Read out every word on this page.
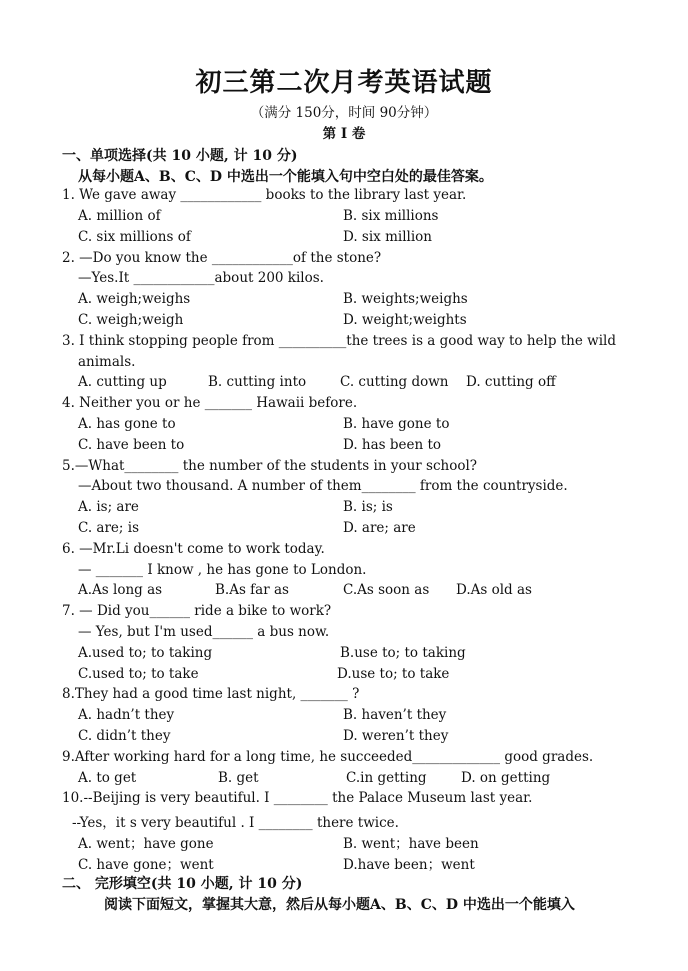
初三第二次月考英语试题
（满分 150分，时间 90分钟）
第 I 卷
一、单项选择(共 10 小题, 计 10 分)
从每小题A、B、C、D 中选出一个能填入句中空白处的最佳答案。
1. We gave away ____________ books to the library last year.
A. million of	B. six millions
C. six millions of	D. six million
2. —Do you know the ____________of the stone?
—Yes.It ____________about 200 kilos.
A. weigh;weighs	B. weights;weighs
C. weigh;weigh	D. weight;weights
3. I think stopping people from __________the trees is a good way to help the wild
animals.
A. cutting up	B. cutting into	C. cutting down D. cutting off
4. Neither you or he _______ Hawaii before.
A. has gone to	B. have gone to
C. have been to	D. has been to
5.—What________ the number of the students in your school?
—About two thousand. A number of them________ from the countryside.
A. is; are	B. is; is
C. are; is	D. are; are
6. —Mr.Li doesn't come to work today.
— _______ I know , he has gone to London.
A.As long as	B.As far as	C.As soon as D.As old as
7. — Did you______ ride a bike to work?
— Yes, but I'm used______ a bus now.
A.used to; to taking	B.use to; to taking
C.used to; to take	D.use to; to take
8.They had a good time last night, _______ ?
A. hadn’t they	B. haven’t they
C. didn’t they	D. weren’t they
9.After working hard for a long time, he succeeded_____________ good grades.
A. to get	B. get	C.in getting	D. on getting
10.--Beijing is very beautiful. I ________ the Palace Museum last year.
--Yes，it s very beautiful . I ________ there twice.
A. went；have gone	B. went；have been
C. have gone；went	D.have been；went
二、 完形填空(共 10 小题, 计 10 分)
阅读下面短文，掌握其大意，然后从每小题A、B、C、D 中选出一个能填入
